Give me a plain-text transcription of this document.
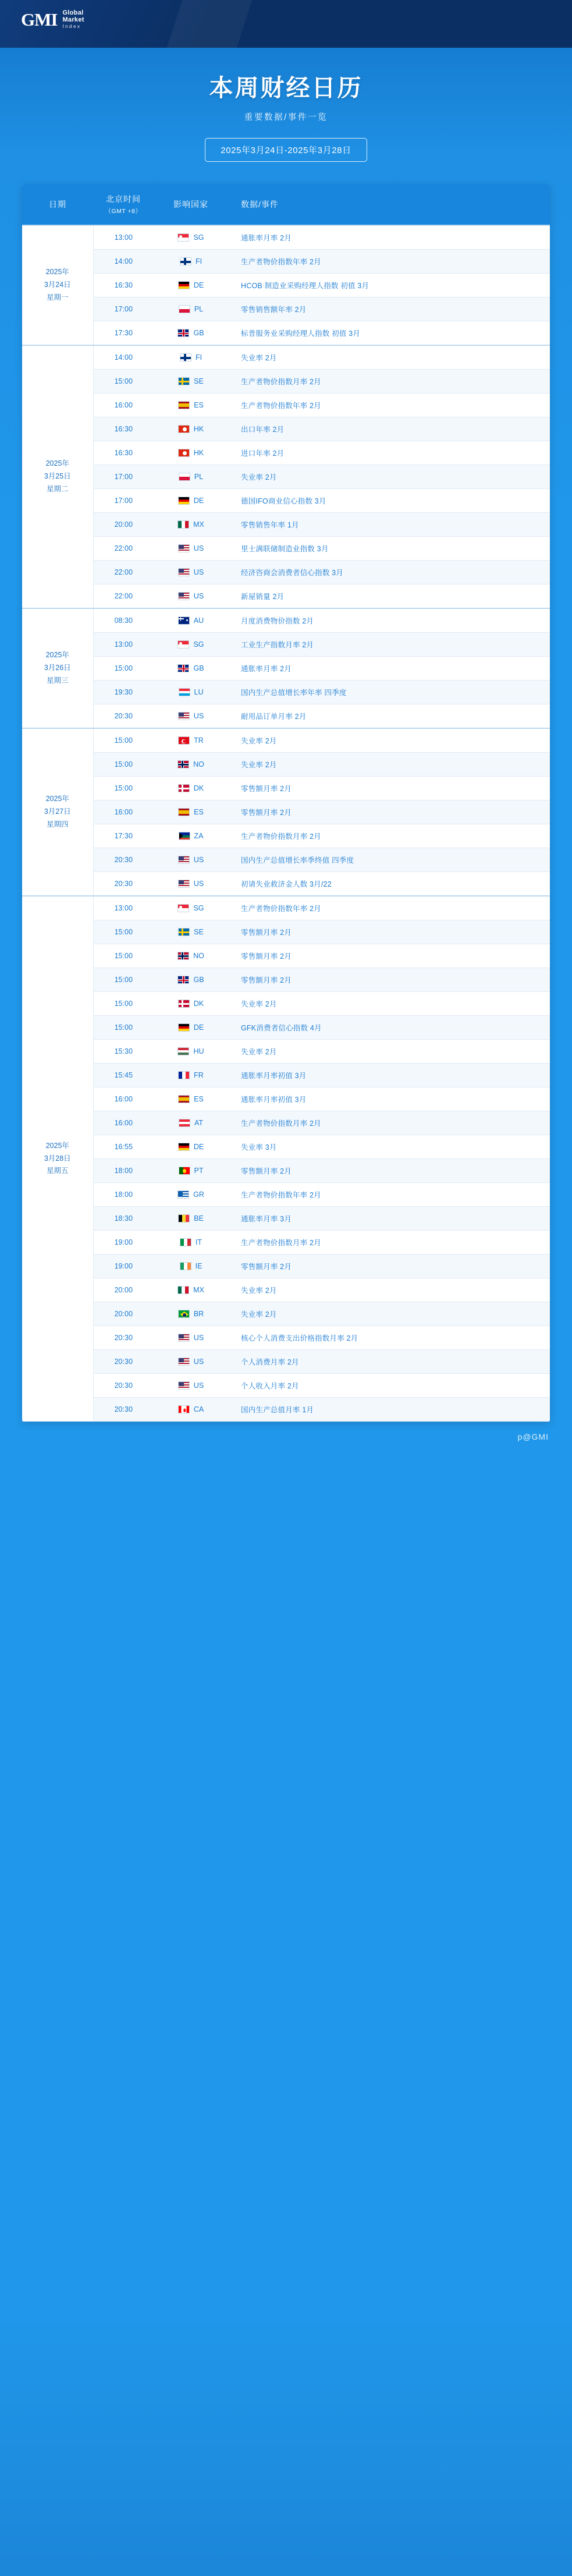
GMI Global
Market
Index
本周财经日历
重要数据/事件一览
2025年3月24日-2025年3月28日
日期	北京时间
（GMT +8）	影响国家	数据/事件

2025年
3月24日
星期一	13:00	SG	通胀率月率 2月
	14:00	FI	生产者物价指数年率 2月
	16:30	DE	HCOB 制造业采购经理人指数 初值 3月
	17:00	PL	零售销售额年率 2月
	17:30	GB	标普服务业采购经理人指数 初值 3月

2025年
3月25日
星期二	14:00	FI	失业率 2月
	15:00	SE	生产者物价指数月率 2月
	16:00	ES	生产者物价指数年率 2月
	16:30	HK	出口年率 2月
	16:30	HK	进口年率 2月
	17:00	PL	失业率 2月
	17:00	DE	德国IFO商业信心指数 3月
	20:00	MX	零售销售年率 1月
	22:00	US	里士满联储制造业指数 3月
	22:00	US	经济咨商会消费者信心指数 3月
	22:00	US	新屋销量 2月

2025年
3月26日
星期三	08:30	AU	月度消费物价指数 2月
	13:00	SG	工业生产指数月率 2月
	15:00	GB	通胀率月率 2月
	19:30	LU	国内生产总值增长率年率 四季度
	20:30	US	耐用品订单月率 2月

2025年
3月27日
星期四	15:00	TR	失业率 2月
	15:00	NO	失业率 2月
	15:00	DK	零售额月率 2月
	16:00	ES	零售额月率 2月
	17:30	ZA	生产者物价指数月率 2月
	20:30	US	国内生产总值增长率季终值 四季度
	20:30	US	初请失业救济金人数 3月/22

2025年
3月28日
星期五	13:00	SG	生产者物价指数年率 2月
	15:00	SE	零售额月率 2月
	15:00	NO	零售额月率 2月
	15:00	GB	零售额月率 2月
	15:00	DK	失业率 2月
	15:00	DE	GFK消费者信心指数 4月
	15:30	HU	失业率 2月
	15:45	FR	通胀率月率初值 3月
	16:00	ES	通胀率月率初值 3月
	16:00	AT	生产者物价指数月率 2月
	16:55	DE	失业率 3月
	18:00	PT	零售额月率 2月
	18:00	GR	生产者物价指数年率 2月
	18:30	BE	通胀率月率 3月
	19:00	IT	生产者物价指数月率 2月
	19:00	IE	零售额月率 2月
	20:00	MX	失业率 2月
	20:00	BR	失业率 2月
	20:30	US	核心个人消费支出价格指数月率 2月
	20:30	US	个人消费月率 2月
	20:30	US	个人收入月率 2月
	20:30	CA	国内生产总值月率 1月
p@GMI
